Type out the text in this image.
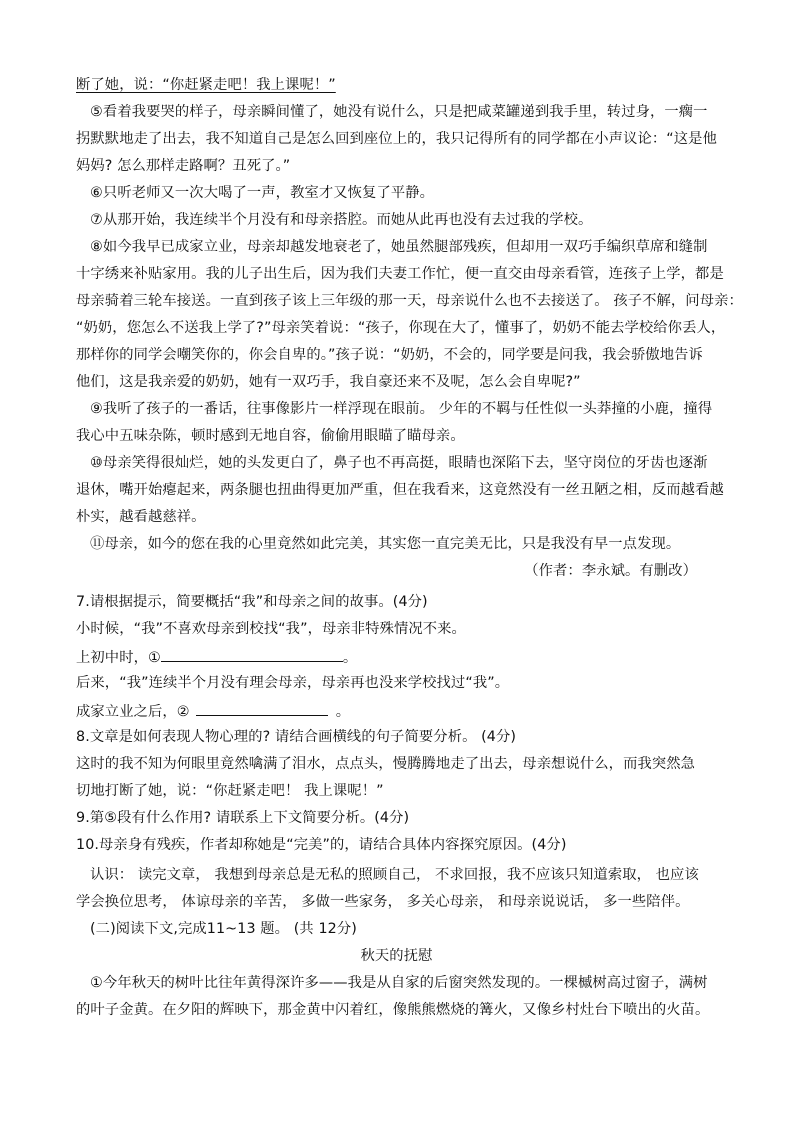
断了她，说：“你赶紧走吧！我上课呢！”
⑤看着我要哭的样子，母亲瞬间懂了，她没有说什么，只是把咸菜罐递到我手里，转过身，一瘸一
拐默默地走了出去，我不知道自己是怎么回到座位上的，我只记得所有的同学都在小声议论：“这是他
妈妈? 怎么那样走路啊？丑死了。”
⑥只听老师又一次大喝了一声，教室才又恢复了平静。
⑦从那开始，我连续半个月没有和母亲搭腔。而她从此再也没有去过我的学校。
⑧如今我早已成家立业，母亲却越发地衰老了，她虽然腿部残疾，但却用一双巧手编织草席和缝制
十字绣来补贴家用。我的儿子出生后，因为我们夫妻工作忙，便一直交由母亲看管，连孩子上学，都是
母亲骑着三轮车接送。一直到孩子该上三年级的那一天，母亲说什么也不去接送了。 孩子不解，问母亲：
“奶奶，您怎么不送我上学了?”母亲笑着说：“孩子，你现在大了，懂事了，奶奶不能去学校给你丢人，
那样你的同学会嘲笑你的，你会自卑的。”孩子说：“奶奶，不会的，同学要是问我，我会骄傲地告诉
他们，这是我亲爱的奶奶，她有一双巧手，我自豪还来不及呢，怎么会自卑呢?”
⑨我听了孩子的一番话，往事像影片一样浮现在眼前。 少年的不羁与任性似一头莽撞的小鹿，撞得
我心中五味杂陈，顿时感到无地自容，偷偷用眼瞄了瞄母亲。
⑩母亲笑得很灿烂，她的头发更白了，鼻子也不再高挺，眼睛也深陷下去，坚守岗位的牙齿也逐渐
退休，嘴开始瘪起来，两条腿也扭曲得更加严重，但在我看来，这竟然没有一丝丑陋之相，反而越看越
朴实，越看越慈祥。
⑪母亲，如今的您在我的心里竟然如此完美，其实您一直完美无比，只是我没有早一点发现。
（作者：李永斌。有删改）
7.请根据提示，简要概括“我”和母亲之间的故事。(4分)
小时候，“我”不喜欢母亲到校找“我”，母亲非特殊情况不来。
上初中时，①	。
后来，“我”连续半个月没有理会母亲，母亲再也没来学校找过“我”。
成家立业之后，②	。
8.文章是如何表现人物心理的? 请结合画横线的句子简要分析。 (4分)
这时的我不知为何眼里竟然噙满了泪水，点点头，慢腾腾地走了出去，母亲想说什么，而我突然急
切地打断了她，说：“你赶紧走吧！ 我上课呢！”
9.第⑤段有什么作用? 请联系上下文简要分析。(4分)
10.母亲身有残疾，作者却称她是“完美”的，请结合具体内容探究原因。(4分)
认识： 读完文章， 我想到母亲总是无私的照顾自己， 不求回报，我不应该只知道索取， 也应该
学会换位思考， 体谅母亲的辛苦， 多做一些家务， 多关心母亲， 和母亲说说话， 多一些陪伴。
(二)阅读下文,完成11~13 题。 (共 12分)
秋天的抚慰
①今年秋天的树叶比往年黄得深许多——我是从自家的后窗突然发现的。一棵槭树高过窗子，满树
的叶子金黄。在夕阳的辉映下，那金黄中闪着红，像熊熊燃烧的篝火，又像乡村灶台下喷出的火苗。
